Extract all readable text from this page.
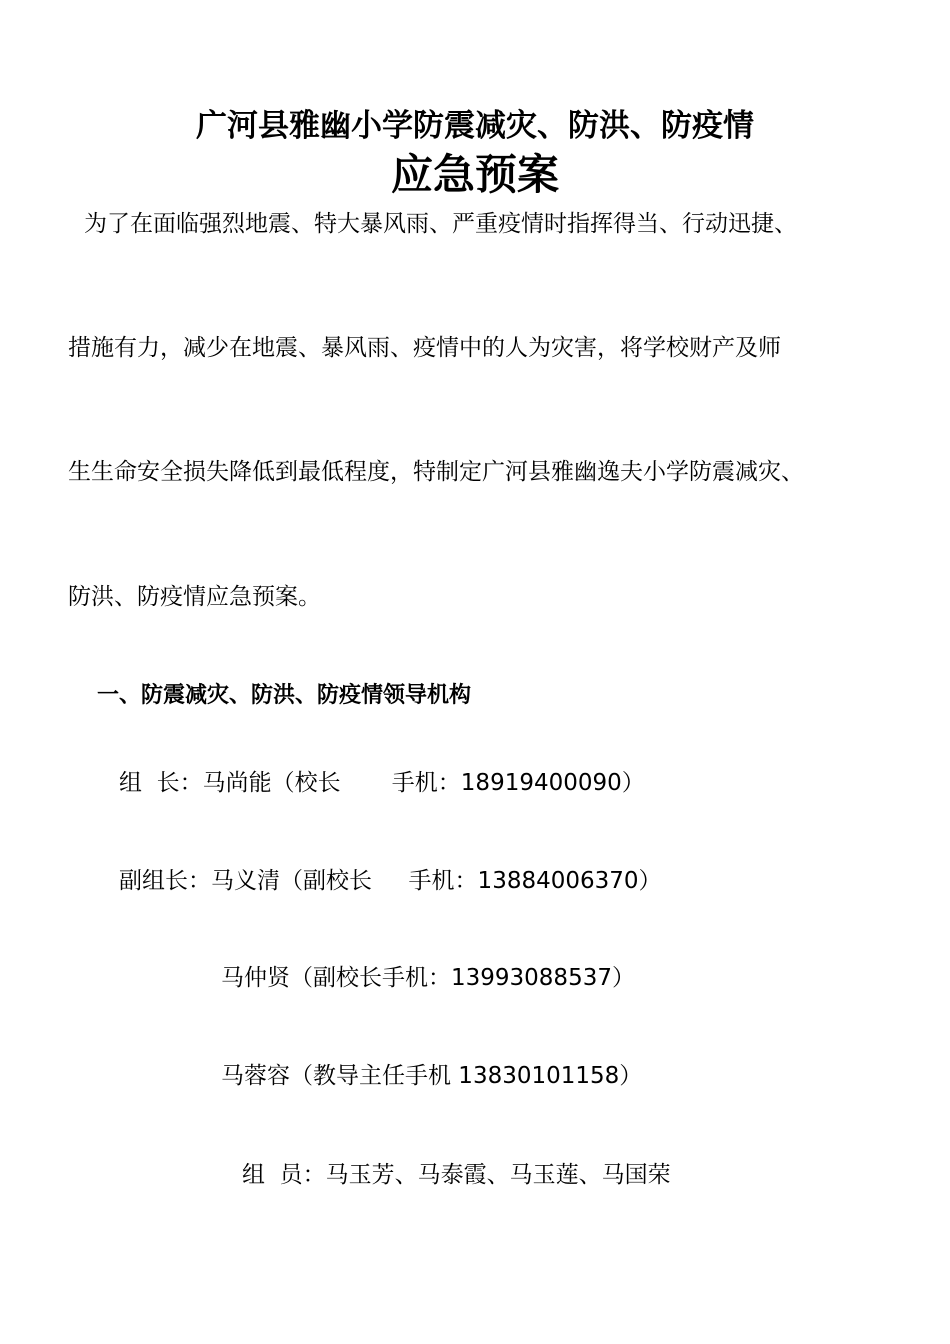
广河县雅幽小学防震减灾、防洪、防疫情
应急预案
为了在面临强烈地震、特大暴风雨、严重疫情时指挥得当、行动迅捷、
措施有力，减少在地震、暴风雨、疫情中的人为灾害，将学校财产及师
生生命安全损失降低到最低程度，特制定广河县雅幽逸夫小学防震减灾、
防洪、防疫情应急预案。
一、防震减灾、防洪、防疫情领导机构
组  长：马尚能（校长       手机：18919400090）
副组长：马义清（副校长     手机：13884006370）
马仲贤（副校长手机：13993088537）
马蓉容（教导主任手机 13830101158）
组  员：马玉芳、马泰霞、马玉莲、马国荣
